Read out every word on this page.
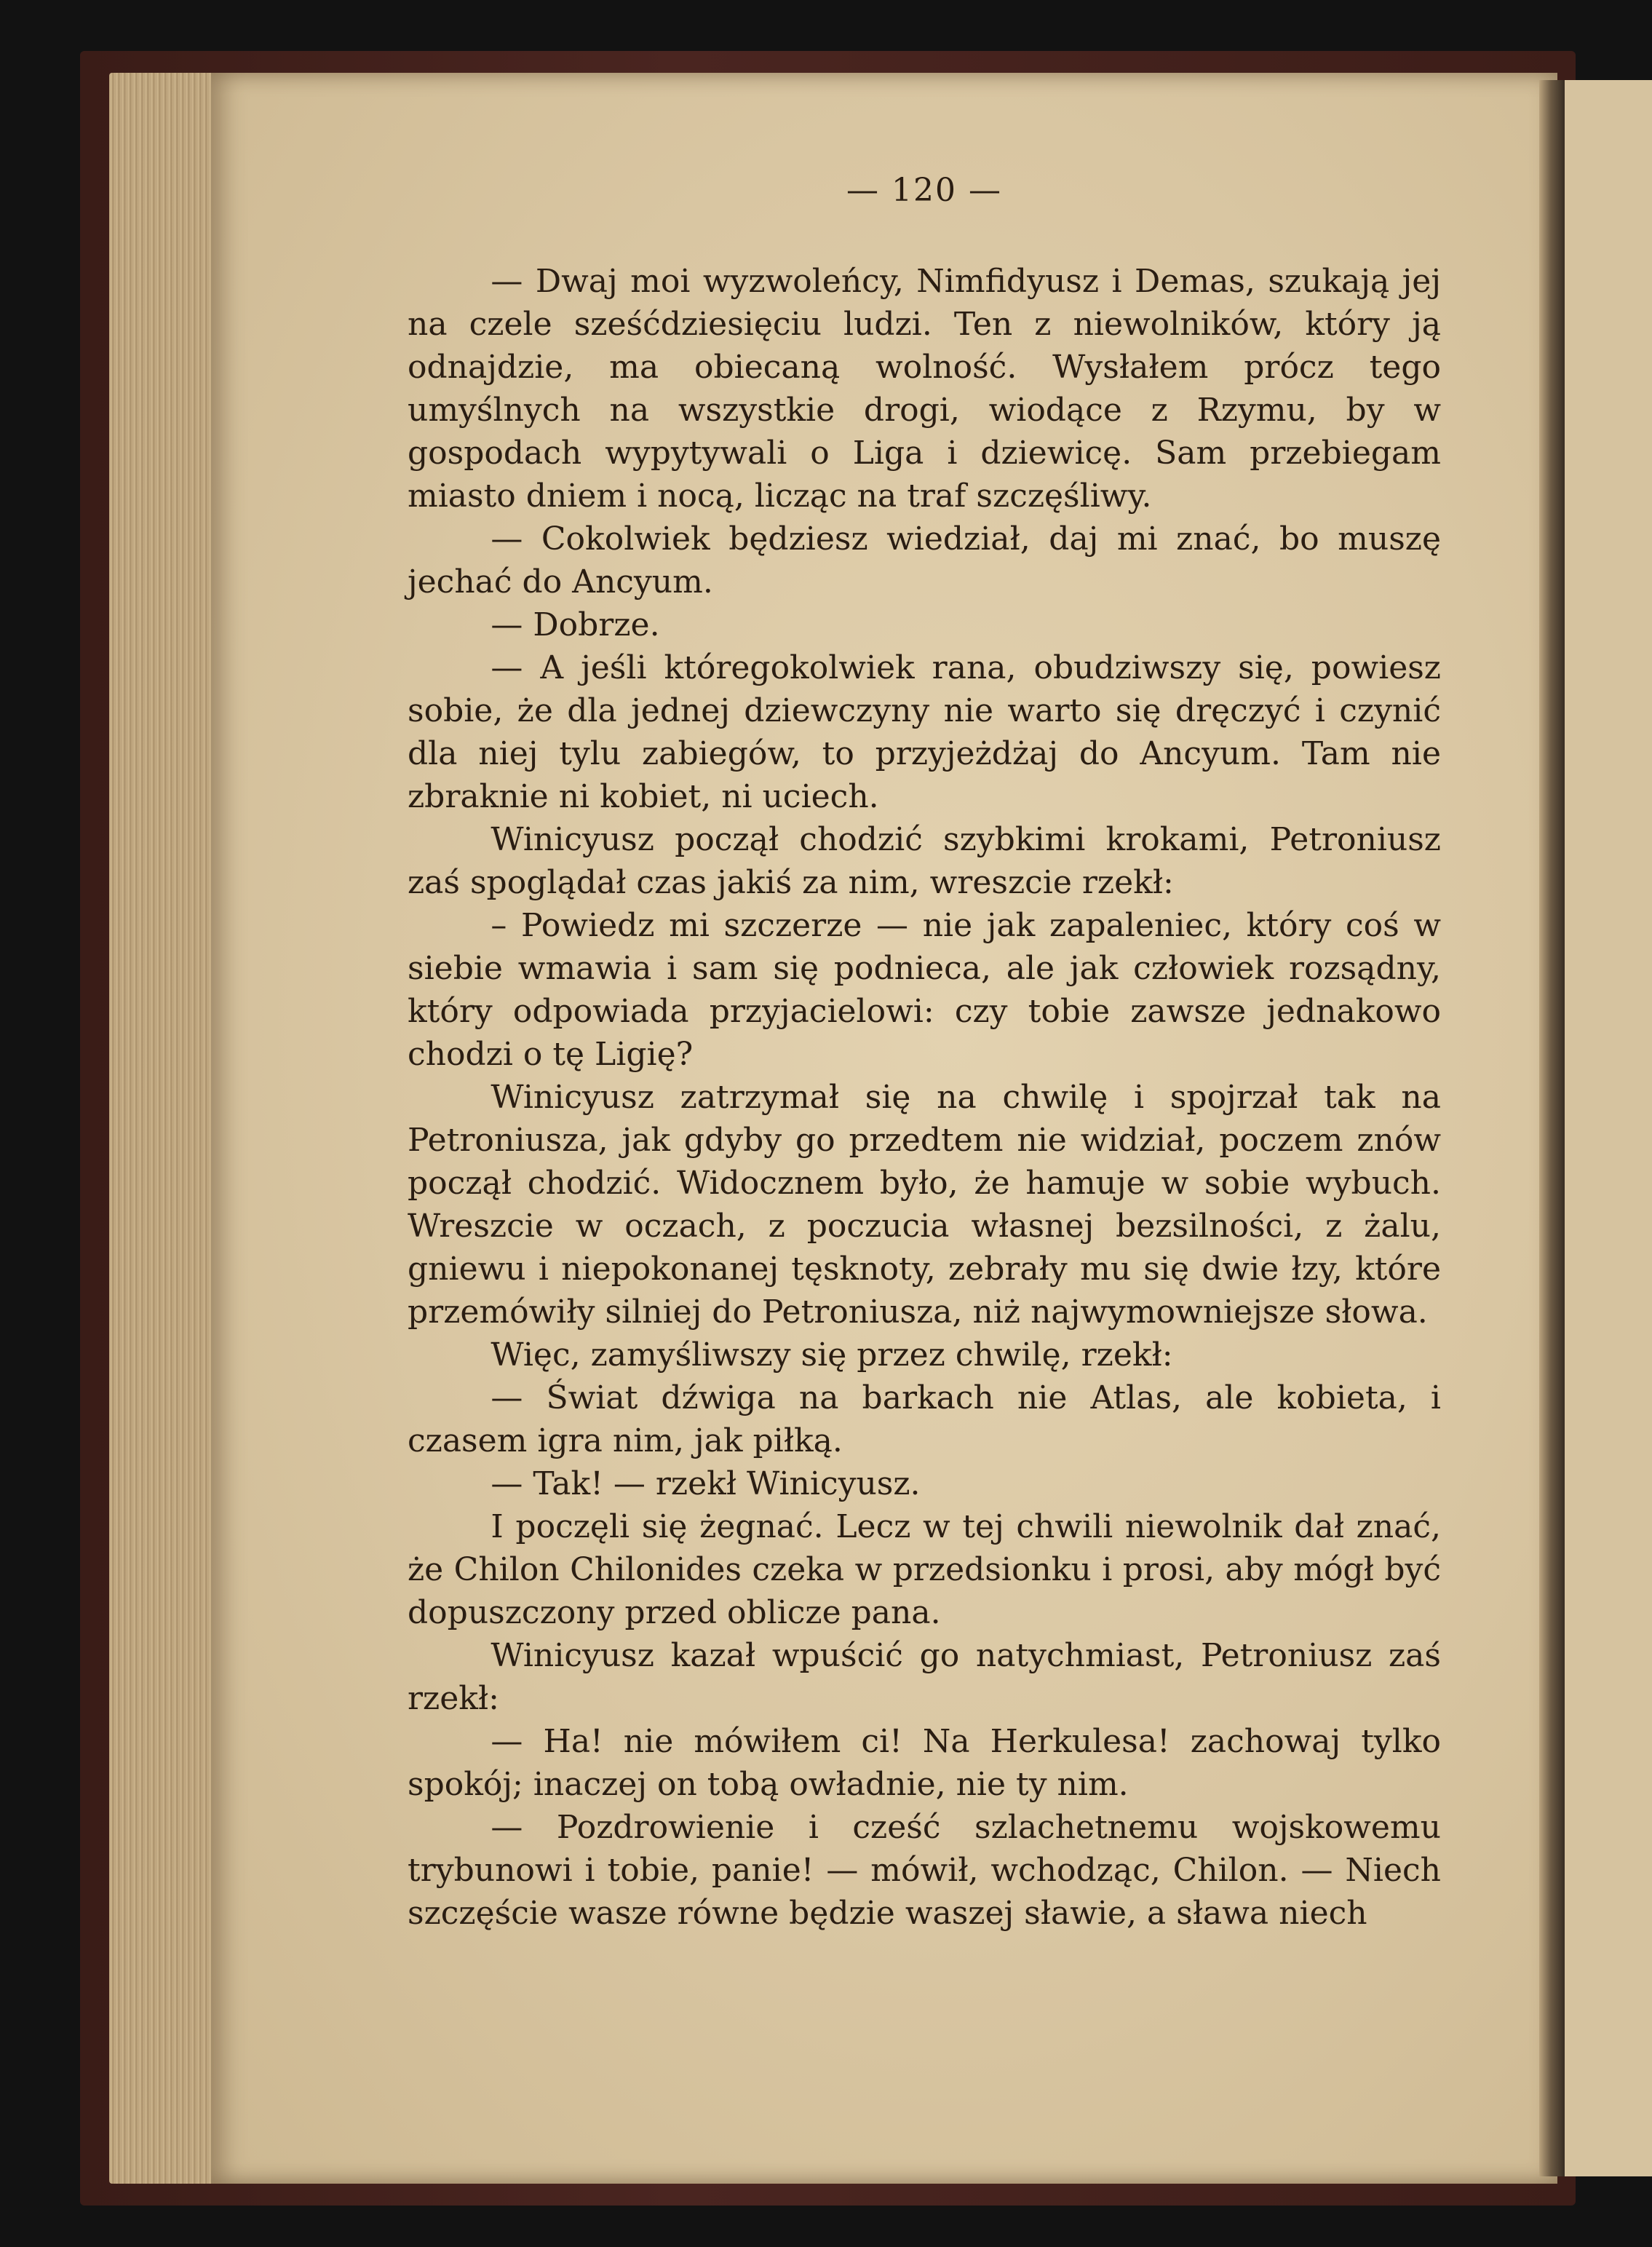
— 120 —

— Dwaj moi wyzwoleńcy, Nimfidyusz i Demas, szukają jej na czele sześćdziesięciu ludzi. Ten z niewolników, który ją odnajdzie, ma obiecaną wolność. Wysłałem prócz tego umyślnych na wszystkie drogi, wiodące z Rzymu, by w gospodach wypytywali o Liga i dziewicę. Sam przebiegam miasto dniem i nocą, licząc na traf szczęśliwy.

— Cokolwiek będziesz wiedział, daj mi znać, bo muszę jechać do Ancyum.

— Dobrze.

— A jeśli któregokolwiek rana, obudziwszy się, powiesz sobie, że dla jednej dziewczyny nie warto się dręczyć i czynić dla niej tylu zabiegów, to przyjeżdżaj do Ancyum. Tam nie zbraknie ni kobiet, ni uciech.

Winicyusz począł chodzić szybkimi krokami, Petroniusz zaś spoglądał czas jakiś za nim, wreszcie rzekł:

– Powiedz mi szczerze — nie jak zapaleniec, który coś w siebie wmawia i sam się podnieca, ale jak człowiek rozsądny, który odpowiada przyjacielowi: czy tobie zawsze jednakowo chodzi o tę Ligię?

Winicyusz zatrzymał się na chwilę i spojrzał tak na Petroniusza, jak gdyby go przedtem nie widział, poczem znów począł chodzić. Widocznem było, że hamuje w sobie wybuch. Wreszcie w oczach, z poczucia własnej bezsilności, z żalu, gniewu i niepokonanej tęsknoty, zebrały mu się dwie łzy, które przemówiły silniej do Petroniusza, niż najwymowniejsze słowa.

Więc, zamyśliwszy się przez chwilę, rzekł:

— Świat dźwiga na barkach nie Atlas, ale kobieta, i czasem igra nim, jak piłką.

— Tak! — rzekł Winicyusz.

I poczęli się żegnać. Lecz w tej chwili niewolnik dał znać, że Chilon Chilonides czeka w przedsionku i prosi, aby mógł być dopuszczony przed oblicze pana.

Winicyusz kazał wpuścić go natychmiast, Petroniusz zaś rzekł:

— Ha! nie mówiłem ci! Na Herkulesa! zachowaj tylko spokój; inaczej on tobą owładnie, nie ty nim.

— Pozdrowienie i cześć szlachetnemu wojskowemu trybunowi i tobie, panie! — mówił, wchodząc, Chilon. — Niech szczęście wasze równe będzie waszej sławie, a sława niech
